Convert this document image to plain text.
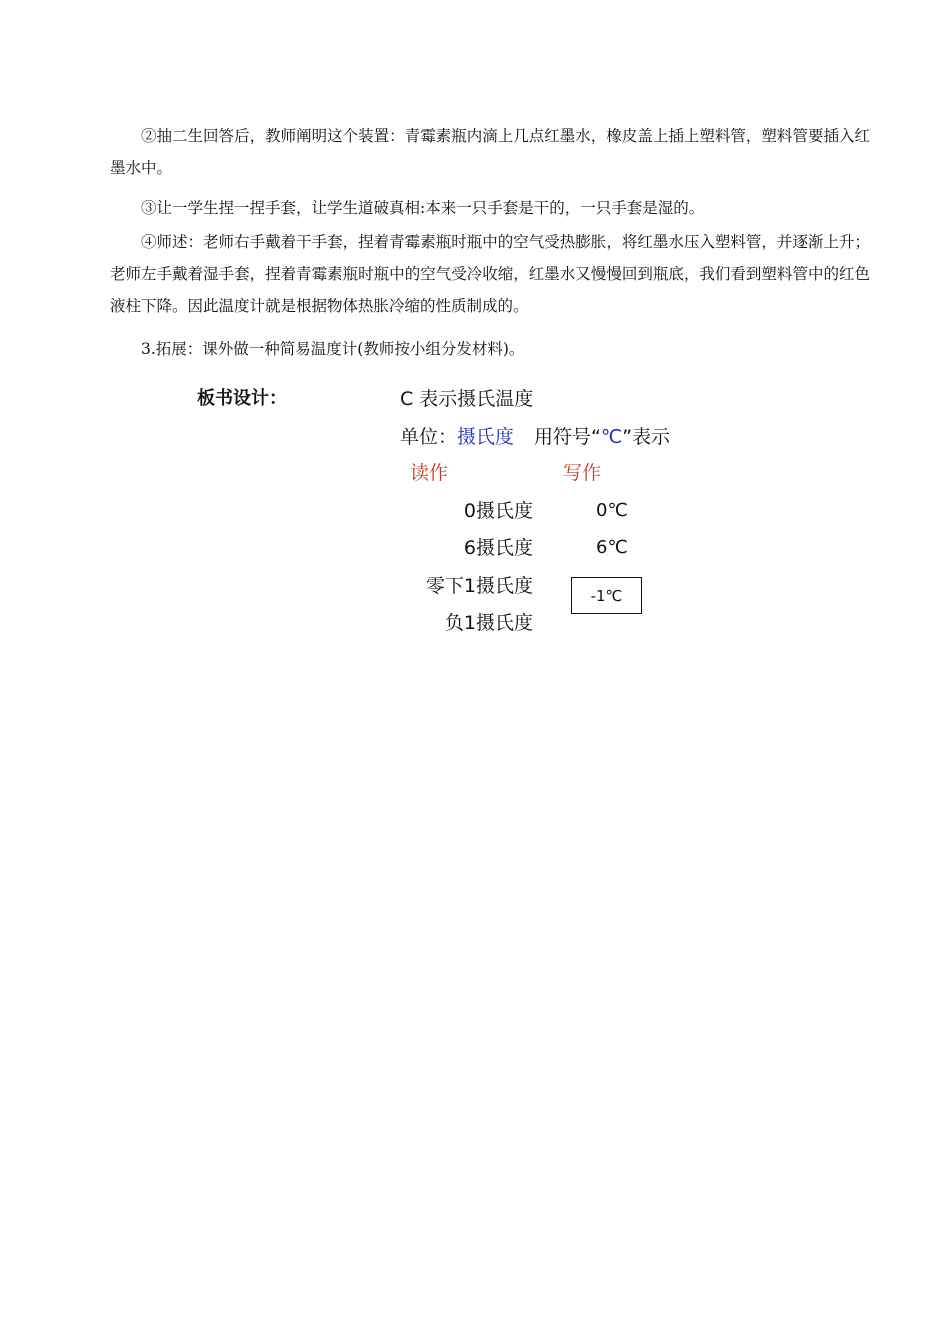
②抽二生回答后，教师阐明这个装置：青霉素瓶内滴上几点红墨水，橡皮盖上插上塑料管，塑料管要插入红墨水中。

③让一学生捏一捏手套，让学生道破真相:本来一只手套是干的，一只手套是湿的。

④师述：老师右手戴着干手套，捏着青霉素瓶时瓶中的空气受热膨胀，将红墨水压入塑料管，并逐渐上升；老师左手戴着湿手套，捏着青霉素瓶时瓶中的空气受冷收缩，红墨水又慢慢回到瓶底，我们看到塑料管中的红色液柱下降。因此温度计就是根据物体热胀冷缩的性质制成的。

3.拓展：课外做一种简易温度计(教师按小组分发材料)。

板书设计：	C 表示摄氏温度
单位：摄氏度 用符号“℃”表示
读作	写作
0摄氏度
6摄氏度
零下1摄氏度
负1摄氏度
0℃
6℃
-1℃
